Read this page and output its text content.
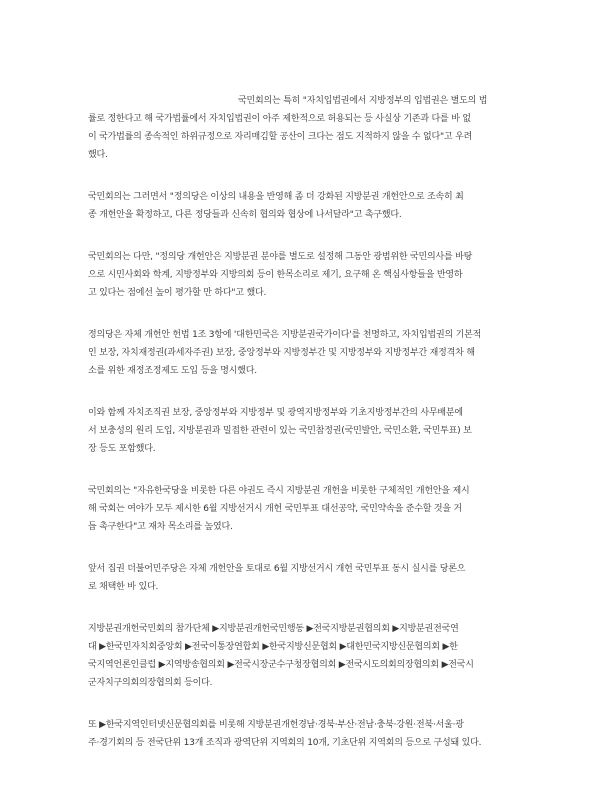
국민회의는 특히 "자치입법권에서 지방정부의 입법권은 별도의 법
률로 정한다고 해 국가법률에서 자치입법권이 아주 제한적으로 허용되는 등 사실상 기존과 다를 바 없
이 국가법률의 종속적인 하위규정으로 자리매김할 공산이 크다는 점도 지적하지 않을 수 없다"고 우려
했다.

국민회의는 그러면서 "정의당은 이상의 내용을 반영해 좀 더 강화된 지방분권 개헌안으로 조속히 최
종 개헌안을 확정하고, 다른 정당들과 신속히 협의와 협상에 나서달라"고 촉구했다.

국민회의는 다만, "정의당 개헌안은 지방분권 분야를 별도로 설정해 그동안 광범위한 국민의사를 바탕
으로 시민사회와 학계, 지방정부와 지방의회 등이 한목소리로 제기, 요구해 온 핵심사항들을 반영하
고 있다는 점에선 높이 평가할 만 하다"고 했다.

정의당은 자체 개헌안 헌법 1조 3항에 '대한민국은 지방분권국가이다'를 천명하고, 자치입법권의 기본적
인 보장, 자치재정권(과세자주권) 보장, 중앙정부와 지방정부간 및 지방정부와 지방정부간 재정격차 해
소를 위한 재정조정제도 도입 등을 명시했다.

이와 함께 자치조직권 보장, 중앙정부와 지방정부 및 광역지방정부와 기초지방정부간의 사무배분에
서 보충성의 원리 도입, 지방분권과 밀접한 관련이 있는 국민참정권(국민발안, 국민소환, 국민투표) 보
장 등도 포함했다.

국민회의는 "자유한국당을 비롯한 다른 야권도 즉시 지방분권 개헌을 비롯한 구체적인 개헌안을 제시
해 국회는 여야가 모두 제시한 6월 지방선거시 개헌 국민투표 대선공약, 국민약속을 준수할 것을 거
듭 촉구한다"고 재차 목소리를 높였다.

앞서 집권 더불어민주당은 자체 개헌안을 토대로 6월 지방선거시 개헌 국민투표 동시 실시를 당론으
로 채택한 바 있다.

지방분권개헌국민회의 참가단체 ▶지방분권개헌국민행동 ▶전국지방분권협의회 ▶지방분권전국연
대 ▶한국민자치회중앙회 ▶전국이통장연합회 ▶한국지방신문협회 ▶대한민국지방신문협의회 ▶한
국지역언론인클럽 ▶지역방송협의회 ▶전국시장군수구청장협의회 ▶전국시도의회의장협의회 ▶전국시
군자치구의회의장협의회 등이다.

또 ▶한국지역인터넷신문협의회를 비롯해 지방분권개헌경남·경북·부산·전남·충북·강원·전북·서울·광
주·경기회의 등 전국단위 13개 조직과 광역단위 지역회의 10개, 기초단위 지역회의 등으로 구성돼 있다.
